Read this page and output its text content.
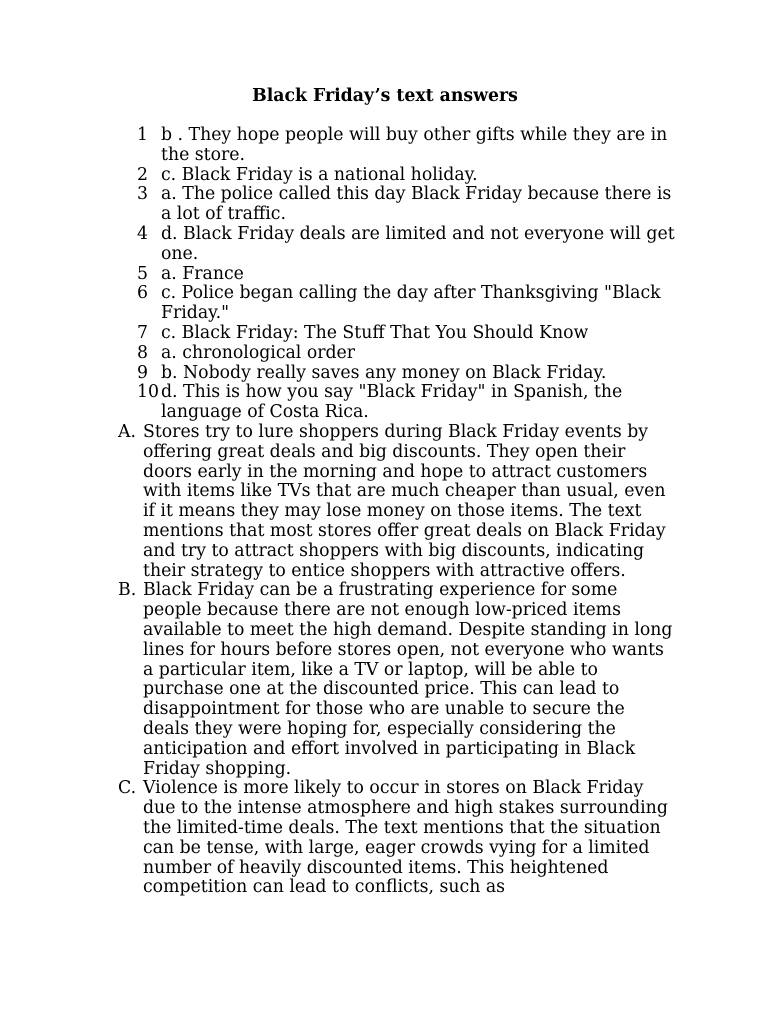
Black Friday’s text answers
1 b . They hope people will buy other gifts while they are in the store.
2 c. Black Friday is a national holiday.
3 a. The police called this day Black Friday because there is a lot of traffic.
4 d. Black Friday deals are limited and not everyone will get one.
5 a. France
6 c. Police began calling the day after Thanksgiving "Black Friday."
7 c. Black Friday: The Stuff That You Should Know
8 a. chronological order
9 b. Nobody really saves any money on Black Friday.
10 d. This is how you say "Black Friday" in Spanish, the language of Costa Rica.
A. Stores try to lure shoppers during Black Friday events by offering great deals and big discounts. They open their doors early in the morning and hope to attract customers with items like TVs that are much cheaper than usual, even if it means they may lose money on those items. The text mentions that most stores offer great deals on Black Friday and try to attract shoppers with big discounts, indicating their strategy to entice shoppers with attractive offers.
B. Black Friday can be a frustrating experience for some people because there are not enough low-priced items available to meet the high demand. Despite standing in long lines for hours before stores open, not everyone who wants a particular item, like a TV or laptop, will be able to purchase one at the discounted price. This can lead to disappointment for those who are unable to secure the deals they were hoping for, especially considering the anticipation and effort involved in participating in Black Friday shopping.
C. Violence is more likely to occur in stores on Black Friday due to the intense atmosphere and high stakes surrounding the limited-time deals. The text mentions that the situation can be tense, with large, eager crowds vying for a limited number of heavily discounted items. This heightened competition can lead to conflicts, such as
